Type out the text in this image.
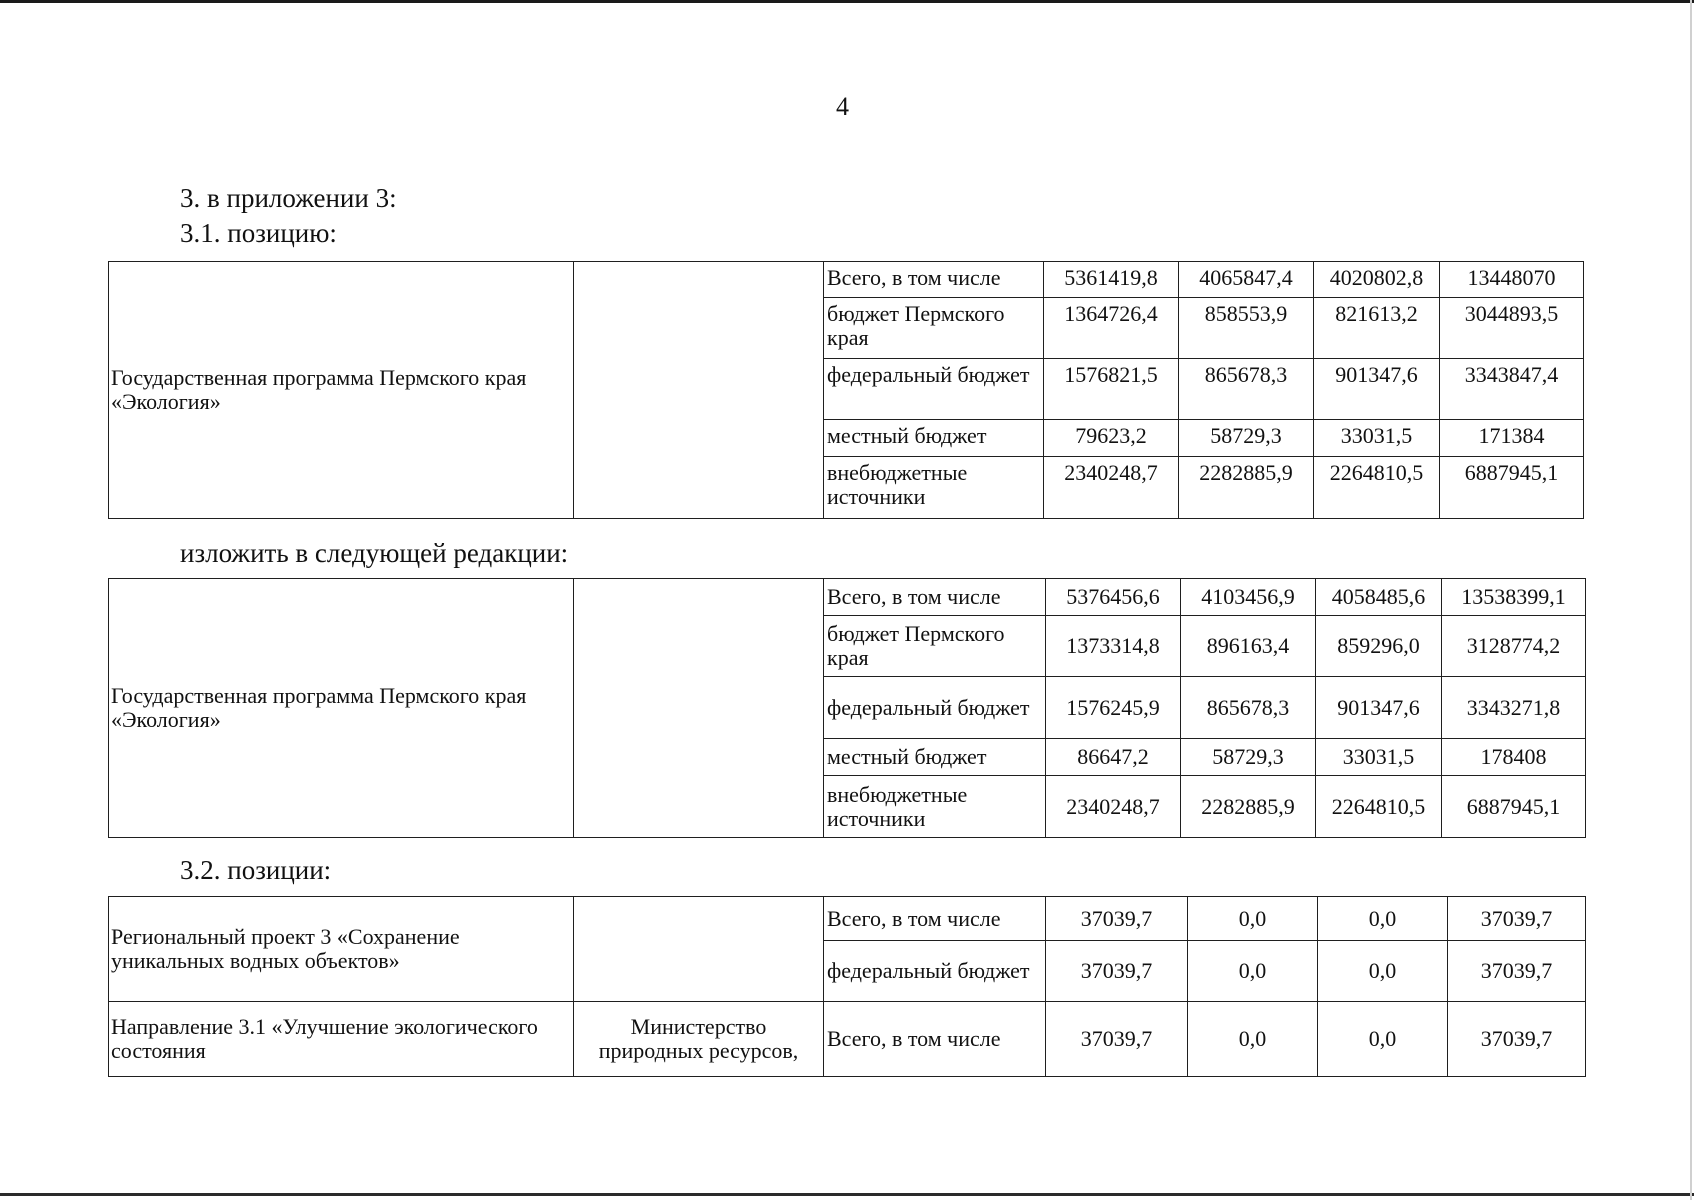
4
3. в приложении 3:
3.1. позицию:
Государственная программа Пермского края «Экология»		Всего, в том числе	5361419,8	4065847,4	4020802,8	13448070
		бюджет Пермского края	1364726,4	858553,9	821613,2	3044893,5
		федеральный бюджет	1576821,5	865678,3	901347,6	3343847,4
		местный бюджет	79623,2	58729,3	33031,5	171384
		внебюджетные источники	2340248,7	2282885,9	2264810,5	6887945,1
изложить в следующей редакции:
Государственная программа Пермского края «Экология»		Всего, в том числе	5376456,6	4103456,9	4058485,6	13538399,1
		бюджет Пермского края	1373314,8	896163,4	859296,0	3128774,2
		федеральный бюджет	1576245,9	865678,3	901347,6	3343271,8
		местный бюджет	86647,2	58729,3	33031,5	178408
		внебюджетные источники	2340248,7	2282885,9	2264810,5	6887945,1
3.2. позиции:
Региональный проект 3 «Сохранение уникальных водных объектов»		Всего, в том числе	37039,7	0,0	0,0	37039,7
		федеральный бюджет	37039,7	0,0	0,0	37039,7
Направление 3.1 «Улучшение экологического состояния	Министерство природных ресурсов,	Всего, в том числе	37039,7	0,0	0,0	37039,7
